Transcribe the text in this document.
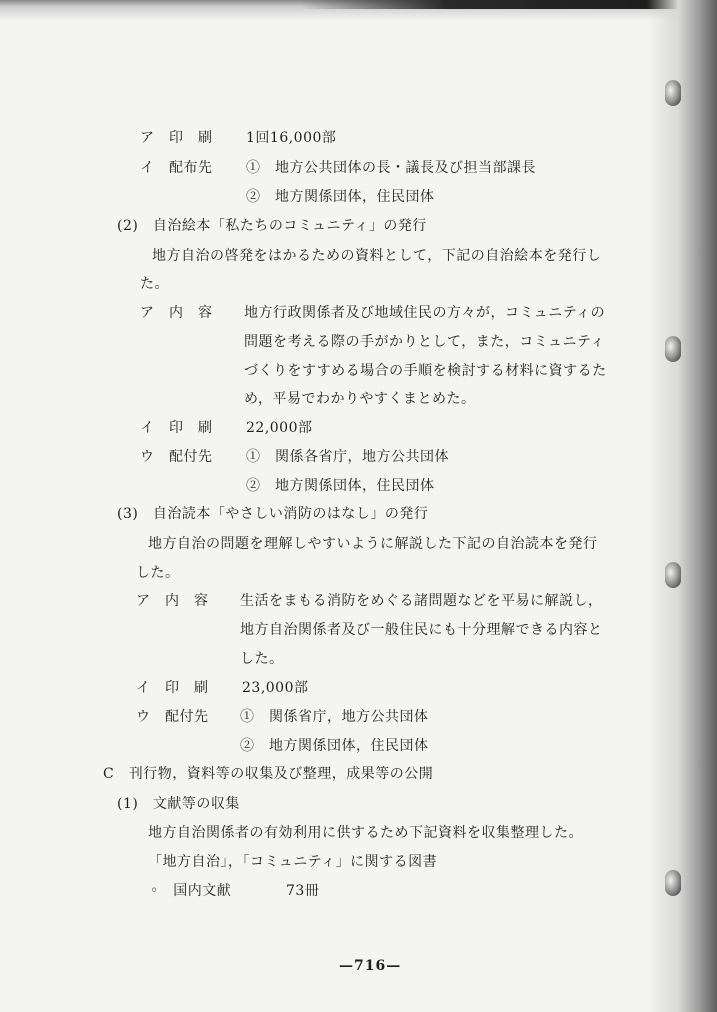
ア　印　刷 1回16,000部
イ　配布先 ①　地方公共団体の長・議長及び担当部課長
②　地方関係団体，住民団体
(2)　自治絵本「私たちのコミュニティ」の発行
地方自治の啓発をはかるための資料として，下記の自治絵本を発行し
た。
ア　内　容 地方行政関係者及び地域住民の方々が，コミュニティの
問題を考える際の手がかりとして，また，コミュニティ
づくりをすすめる場合の手順を検討する材料に資するた
め，平易でわかりやすくまとめた。
イ　印　刷 22,000部
ウ　配付先 ①　関係各省庁，地方公共団体
②　地方関係団体，住民団体
(3)　自治読本「やさしい消防のはなし」の発行
地方自治の問題を理解しやすいように解説した下記の自治読本を発行
した。
ア　内　容 生活をまもる消防をめぐる諸問題などを平易に解説し，
地方自治関係者及び一般住民にも十分理解できる内容と
した。
イ　印　刷 23,000部
ウ　配付先 ①　関係省庁，地方公共団体
②　地方関係団体，住民団体
C　刊行物，資料等の収集及び整理，成果等の公開
(1)　文献等の収集
地方自治関係者の有効利用に供するため下記資料を収集整理した。
「地方自治」，「コミュニティ」に関する図書
◦　国内文献	73冊
—716—
